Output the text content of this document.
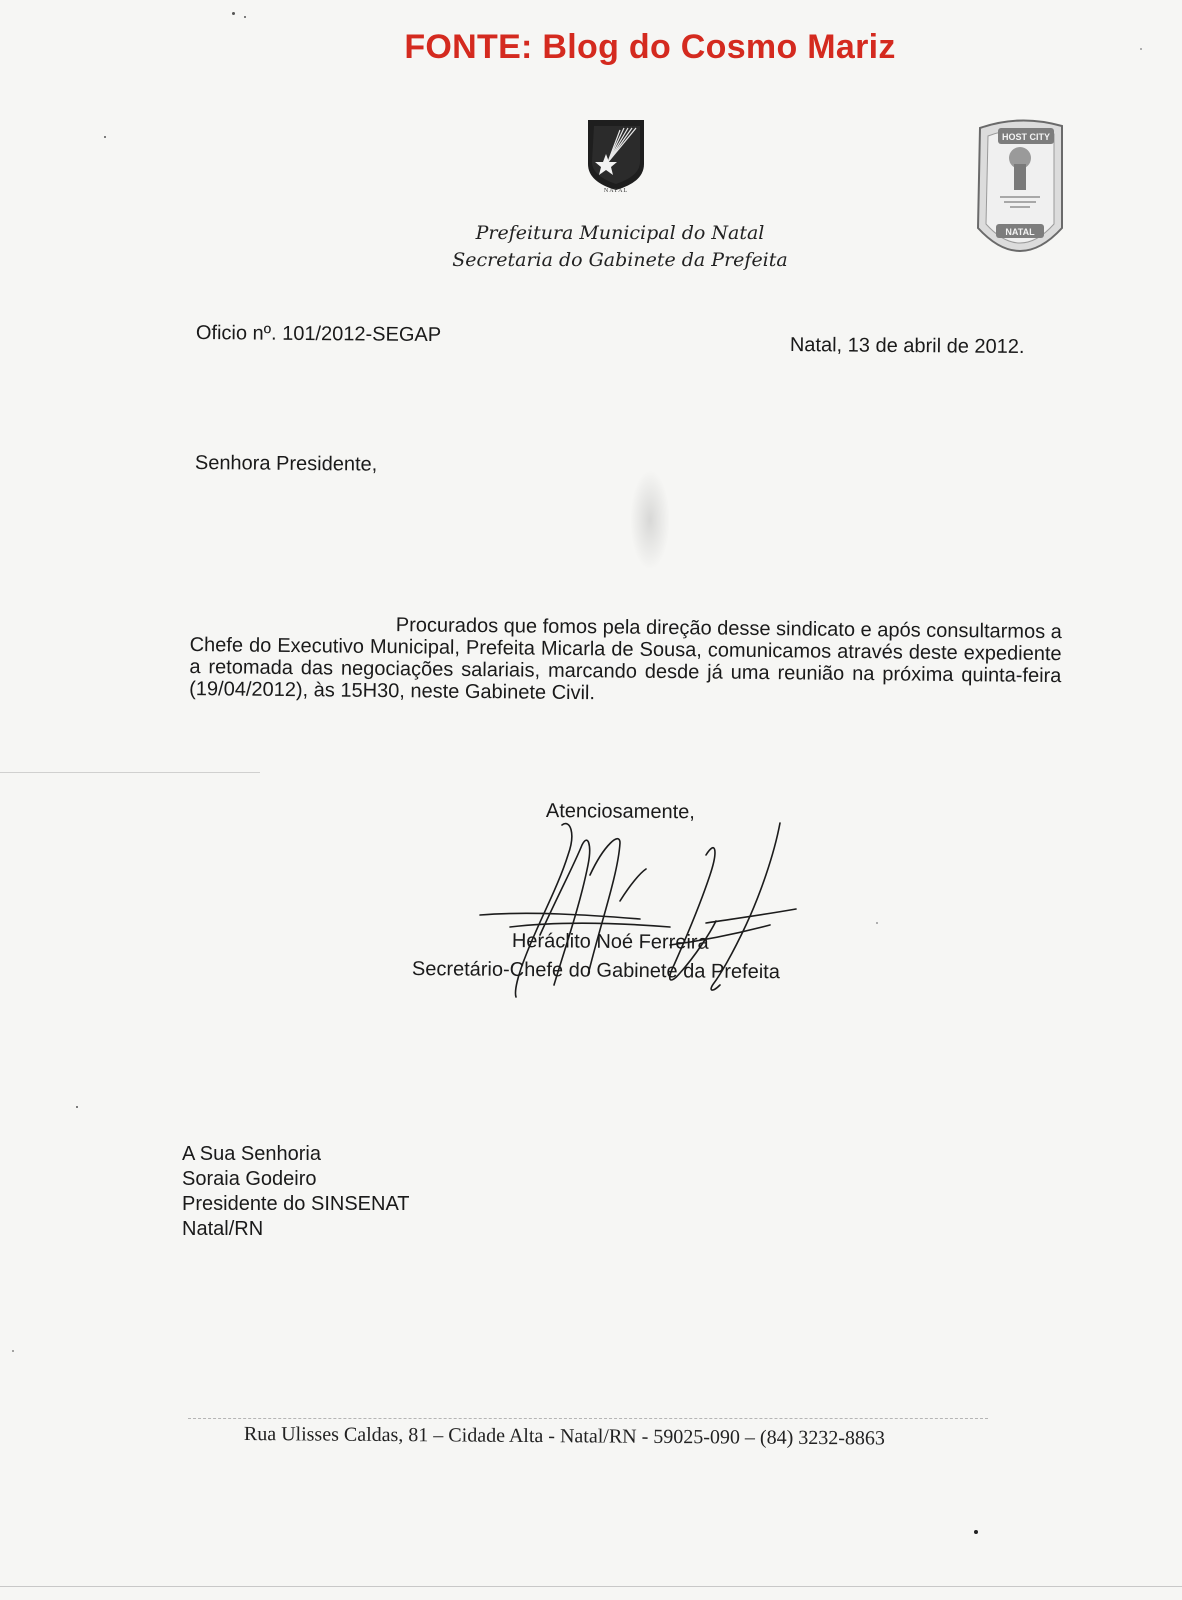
FONTE: Blog do Cosmo Mariz
NATAL
HOST CITY
NATAL
Prefeitura Municipal do Natal
Secretaria do Gabinete da Prefeita
Oficio nº. 101/2012-SEGAP	Natal, 13 de abril de 2012.
Senhora Presidente,
Procurados que fomos pela direção desse sindicato e após consultarmos a Chefe do Executivo Municipal, Prefeita Micarla de Sousa, comunicamos através deste expediente a retomada das negociações salariais, marcando desde já uma reunião na próxima quinta-feira (19/04/2012), às 15H30, neste Gabinete Civil.
Atenciosamente,
Heráclito Noé Ferreira
Secretário-Chefe do Gabinete da Prefeita
A Sua Senhoria
Soraia Godeiro
Presidente do SINSENAT
Natal/RN
Rua Ulisses Caldas, 81 – Cidade Alta - Natal/RN - 59025-090 – (84) 3232-8863
